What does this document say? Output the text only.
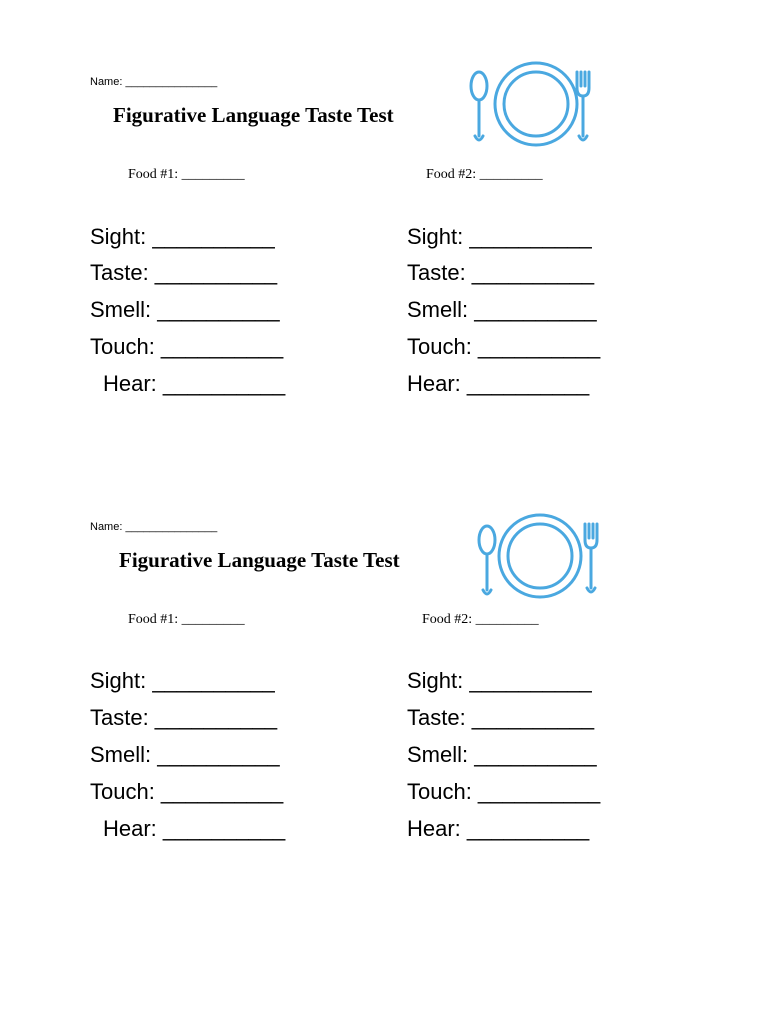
Name: _______________
Figurative Language Taste Test
Food #1: _________	Food #2: _________
Sight: __________
Taste: __________
Smell: __________
Touch: __________
Hear: __________
Sight: __________
Taste: __________
Smell: __________
Touch: __________
Hear: __________
Name: _______________
Figurative Language Taste Test
Food #1: _________	Food #2: _________
Sight: __________
Taste: __________
Smell: __________
Touch: __________
Hear: __________
Sight: __________
Taste: __________
Smell: __________
Touch: __________
Hear: __________
